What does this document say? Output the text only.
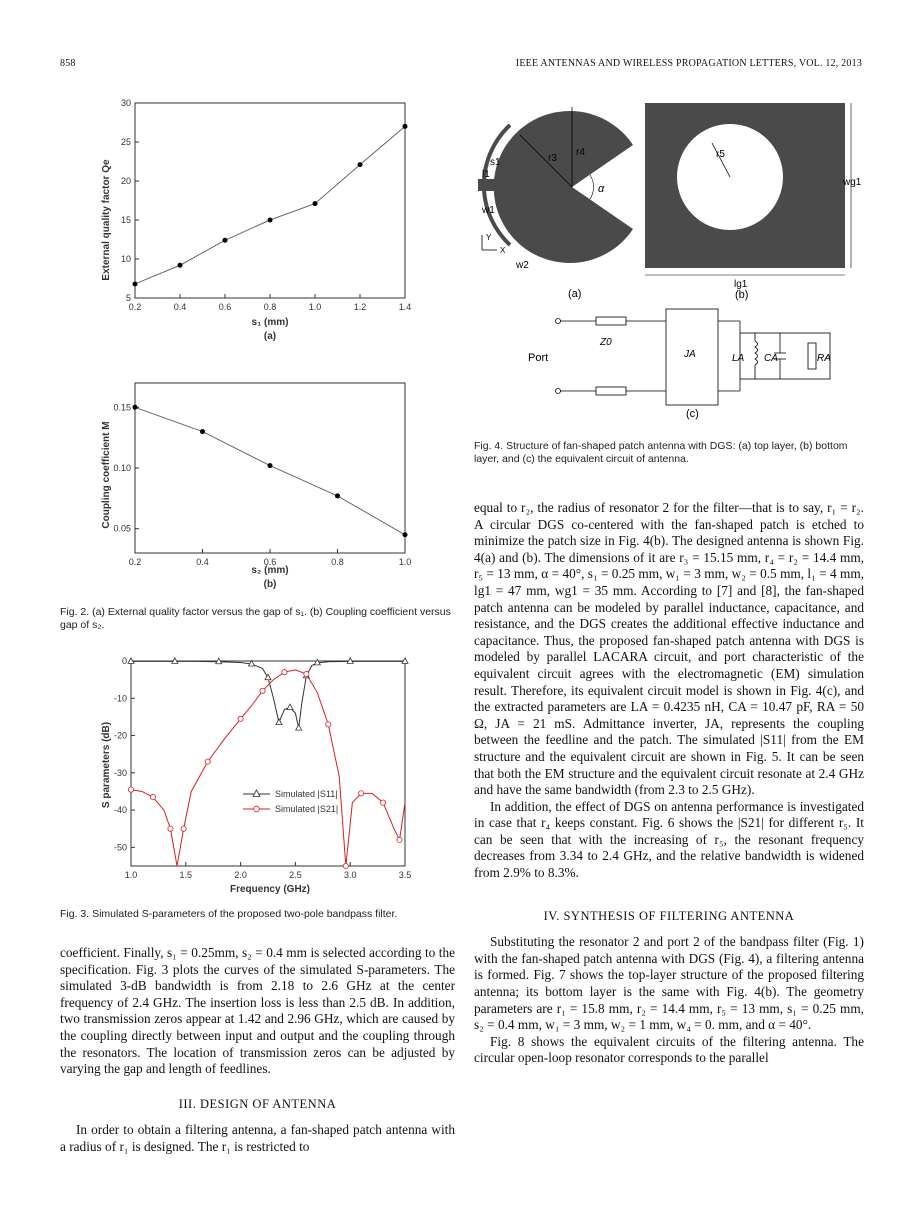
858	IEEE ANTENNAS AND WIRELESS PROPAGATION LETTERS, VOL. 12, 2013
External quality factor Qe
0.2	0.4	0.6	0.8	1.0	1.2	1.4
5
10
15
20
25
30
s₁ (mm)
(a)
Coupling coefficient M
0.2	0.4	0.6	0.8	1.0
0.05
0.10
0.15
s₂ (mm)
(b)
Fig. 2. (a) External quality factor versus the gap of s₁. (b) Coupling coefficient versus gap of s₂.
S parameters (dB)
1.0	1.5	2.0	2.5	3.0	3.5
0
-10
-20
-30
-40
-50
Simulated |S11|
Simulated |S21|
Frequency (GHz)
Fig. 3. Simulated S-parameters of the proposed two-pole bandpass filter.

coefficient. Finally, s₁ = 0.25mm, s₂ = 0.4 mm is selected according to the specification. Fig. 3 plots the curves of the simulated S-parameters. The simulated 3-dB bandwidth is from 2.18 to 2.6 GHz at the center frequency of 2.4 GHz. The insertion loss is less than 2.5 dB. In addition, two transmission zeros appear at 1.42 and 2.96 GHz, which are caused by the coupling directly between input and output and the coupling through the resonators. The location of transmission zeros can be adjusted by varying the gap and length of feedlines.

III. DESIGN OF ANTENNA

In order to obtain a filtering antenna, a fan-shaped patch antenna with a radius of r₁ is designed. The r₁ is restricted to

r3
r4
α
s1
l1
w1
w2
Y
X
(a)
r5
wg1
lg1
(b)
Port
Z0
JA	LA CA	RA
(c)
Fig. 4. Structure of fan-shaped patch antenna with DGS: (a) top layer, (b) bottom layer, and (c) the equivalent circuit of antenna.

equal to r₂, the radius of resonator 2 for the filter—that is to say, r₁ = r₂. A circular DGS co-centered with the fan-shaped patch is etched to minimize the patch size in Fig. 4(b). The designed antenna is shown Fig. 4(a) and (b). The dimensions of it are r₃ = 15.15 mm, r₄ = r₂ = 14.4 mm, r₅ = 13 mm, α = 40°, s₁ = 0.25 mm, w₁ = 3 mm, w₂ = 0.5 mm, l₁ = 4 mm, lg1 = 47 mm, wg1 = 35 mm. According to [7] and [8], the fan-shaped patch antenna can be modeled by parallel inductance, capacitance, and resistance, and the DGS creates the additional effective inductance and capacitance. Thus, the proposed fan-shaped patch antenna with DGS is modeled by parallel LACARA circuit, and port characteristic of the equivalent circuit agrees with the electromagnetic (EM) simulation result. Therefore, its equivalent circuit model is shown in Fig. 4(c), and the extracted parameters are LA = 0.4235 nH, CA = 10.47 pF, RA = 50 Ω, JA = 21 mS. Admittance inverter, JA, represents the coupling between the feedline and the patch. The simulated |S11| from the EM structure and the equivalent circuit are shown in Fig. 5. It can be seen that both the EM structure and the equivalent circuit resonate at 2.4 GHz and have the same bandwidth (from 2.3 to 2.5 GHz).

In addition, the effect of DGS on antenna performance is investigated in case that r₄ keeps constant. Fig. 6 shows the |S21| for different r₅. It can be seen that with the increasing of r₅, the resonant frequency decreases from 3.34 to 2.4 GHz, and the relative bandwidth is widened from 2.9% to 8.3%.

IV. SYNTHESIS OF FILTERING ANTENNA

Substituting the resonator 2 and port 2 of the bandpass filter (Fig. 1) with the fan-shaped patch antenna with DGS (Fig. 4), a filtering antenna is formed. Fig. 7 shows the top-layer structure of the proposed filtering antenna; its bottom layer is the same with Fig. 4(b). The geometry parameters are r₁ = 15.8 mm, r₂ = 14.4 mm, r₅ = 13 mm, s₁ = 0.25 mm, s₂ = 0.4 mm, w₁ = 3 mm, w₂ = 1 mm, w₄ = 0. mm, and α = 40°.

Fig. 8 shows the equivalent circuits of the filtering antenna. The circular open-loop resonator corresponds to the parallel
